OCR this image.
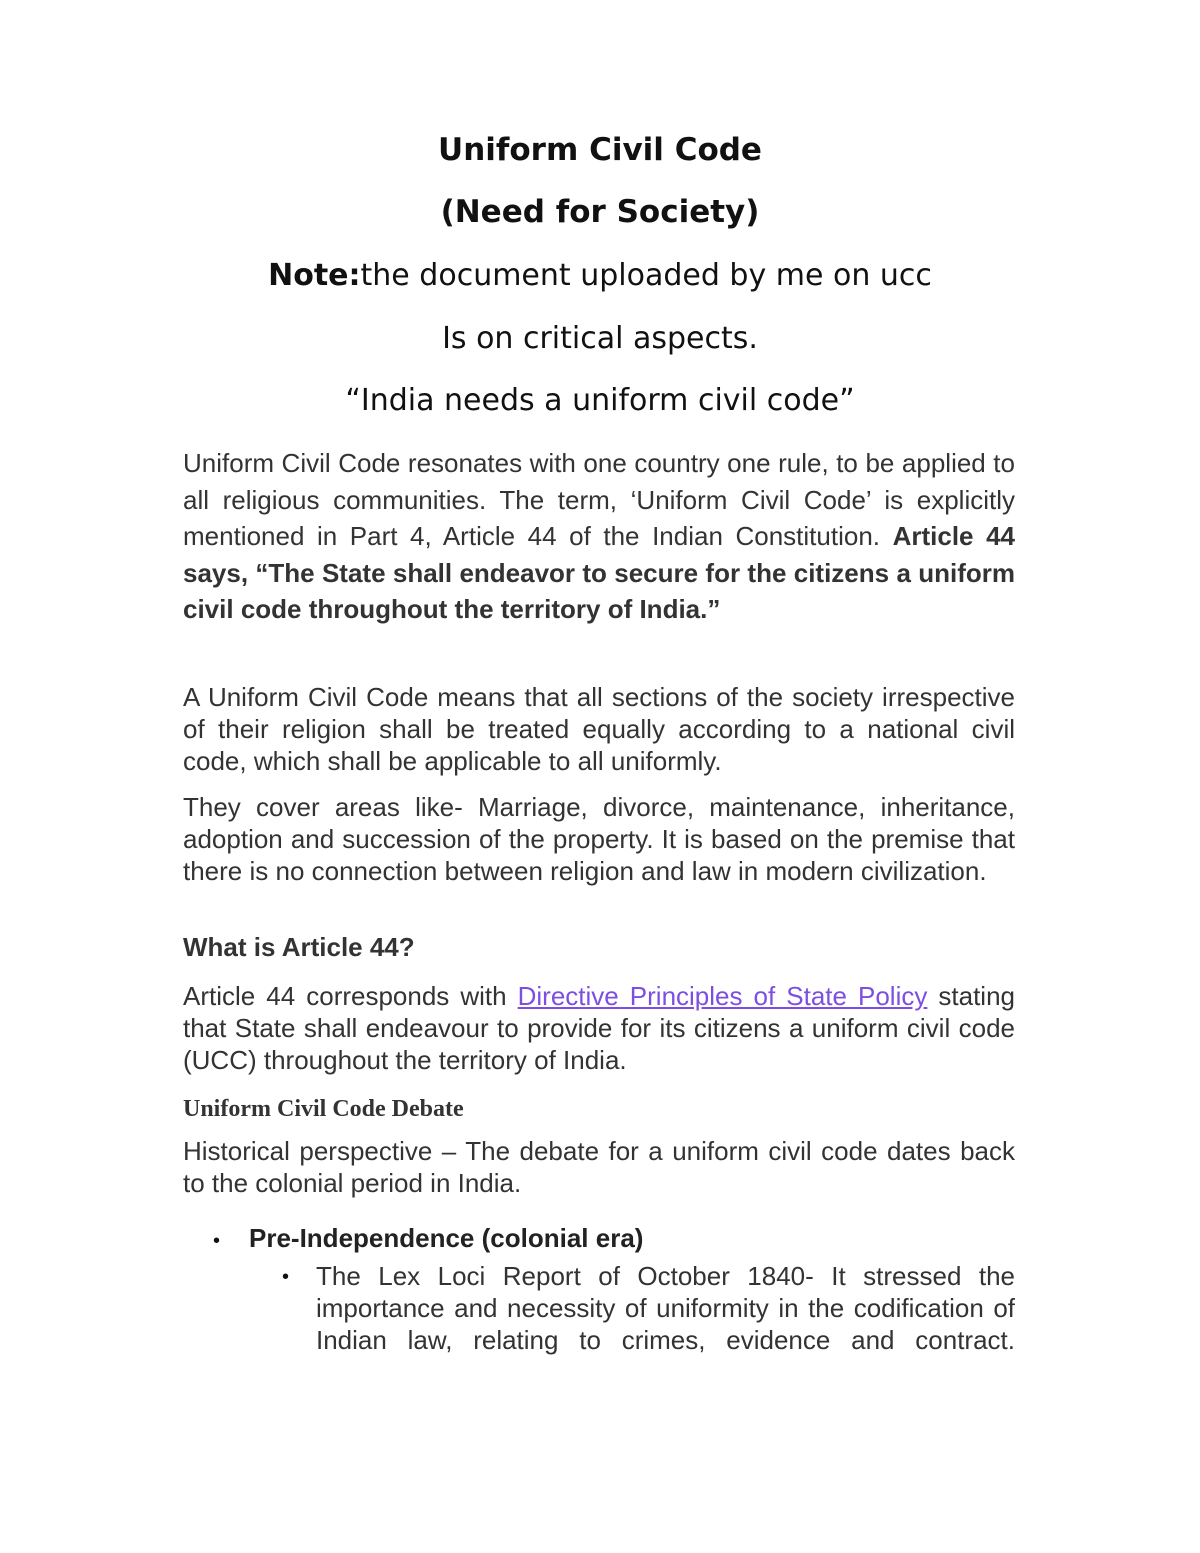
Uniform Civil Code
(Need for Society)
Note:the document uploaded by me on ucc
Is on critical aspects.
“India needs a uniform civil code”
Uniform Civil Code resonates with one country one rule, to be applied to all religious communities. The term, ‘Uniform Civil Code’ is explicitly mentioned in Part 4, Article 44 of the Indian Constitution. Article 44 says, “The State shall endeavor to secure for the citizens a uniform civil code throughout the territory of India.”
A Uniform Civil Code means that all sections of the society irrespective of their religion shall be treated equally according to a national civil code, which shall be applicable to all uniformly.
They cover areas like- Marriage, divorce, maintenance, inheritance, adoption and succession of the property. It is based on the premise that there is no connection between religion and law in modern civilization.
What is Article 44?
Article 44 corresponds with Directive Principles of State Policy stating that State shall endeavour to provide for its citizens a uniform civil code (UCC) throughout the territory of India.
Uniform Civil Code Debate
Historical perspective – The debate for a uniform civil code dates back to the colonial period in India.
• Pre-Independence (colonial era)
• The Lex Loci Report of October 1840- It stressed the importance and necessity of uniformity in the codification of Indian law, relating to crimes, evidence and contract.
